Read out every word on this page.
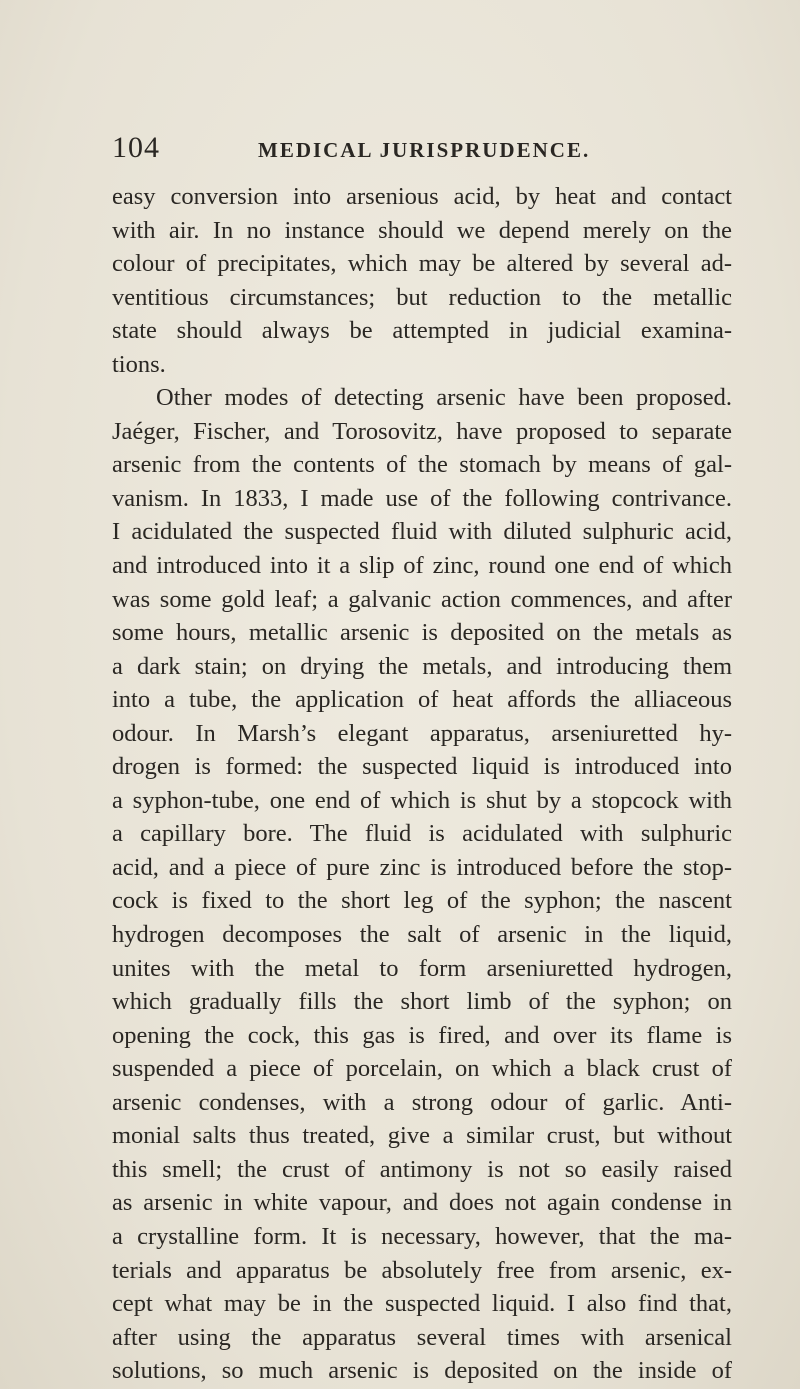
104	MEDICAL JURISPRUDENCE.
easy conversion into arsenious acid, by heat and contact
with air. In no instance should we depend merely on the
colour of precipitates, which may be altered by several ad-
ventitious circumstances; but reduction to the metallic
state should always be attempted in judicial examina-
tions.
Other modes of detecting arsenic have been proposed.
Jaéger, Fischer, and Torosovitz, have proposed to separate
arsenic from the contents of the stomach by means of gal-
vanism. In 1833, I made use of the following contrivance.
I acidulated the suspected fluid with diluted sulphuric acid,
and introduced into it a slip of zinc, round one end of which
was some gold leaf; a galvanic action commences, and after
some hours, metallic arsenic is deposited on the metals as
a dark stain; on drying the metals, and introducing them
into a tube, the application of heat affords the alliaceous
odour. In Marsh’s elegant apparatus, arseniuretted hy-
drogen is formed: the suspected liquid is introduced into
a syphon-tube, one end of which is shut by a stopcock with
a capillary bore. The fluid is acidulated with sulphuric
acid, and a piece of pure zinc is introduced before the stop-
cock is fixed to the short leg of the syphon; the nascent
hydrogen decomposes the salt of arsenic in the liquid,
unites with the metal to form arseniuretted hydrogen,
which gradually fills the short limb of the syphon; on
opening the cock, this gas is fired, and over its flame is
suspended a piece of porcelain, on which a black crust of
arsenic condenses, with a strong odour of garlic. Anti-
monial salts thus treated, give a similar crust, but without
this smell; the crust of antimony is not so easily raised
as arsenic in white vapour, and does not again condense in
a crystalline form. It is necessary, however, that the ma-
terials and apparatus be absolutely free from arsenic, ex-
cept what may be in the suspected liquid. I also find that,
after using the apparatus several times with arsenical
solutions, so much arsenic is deposited on the inside of
